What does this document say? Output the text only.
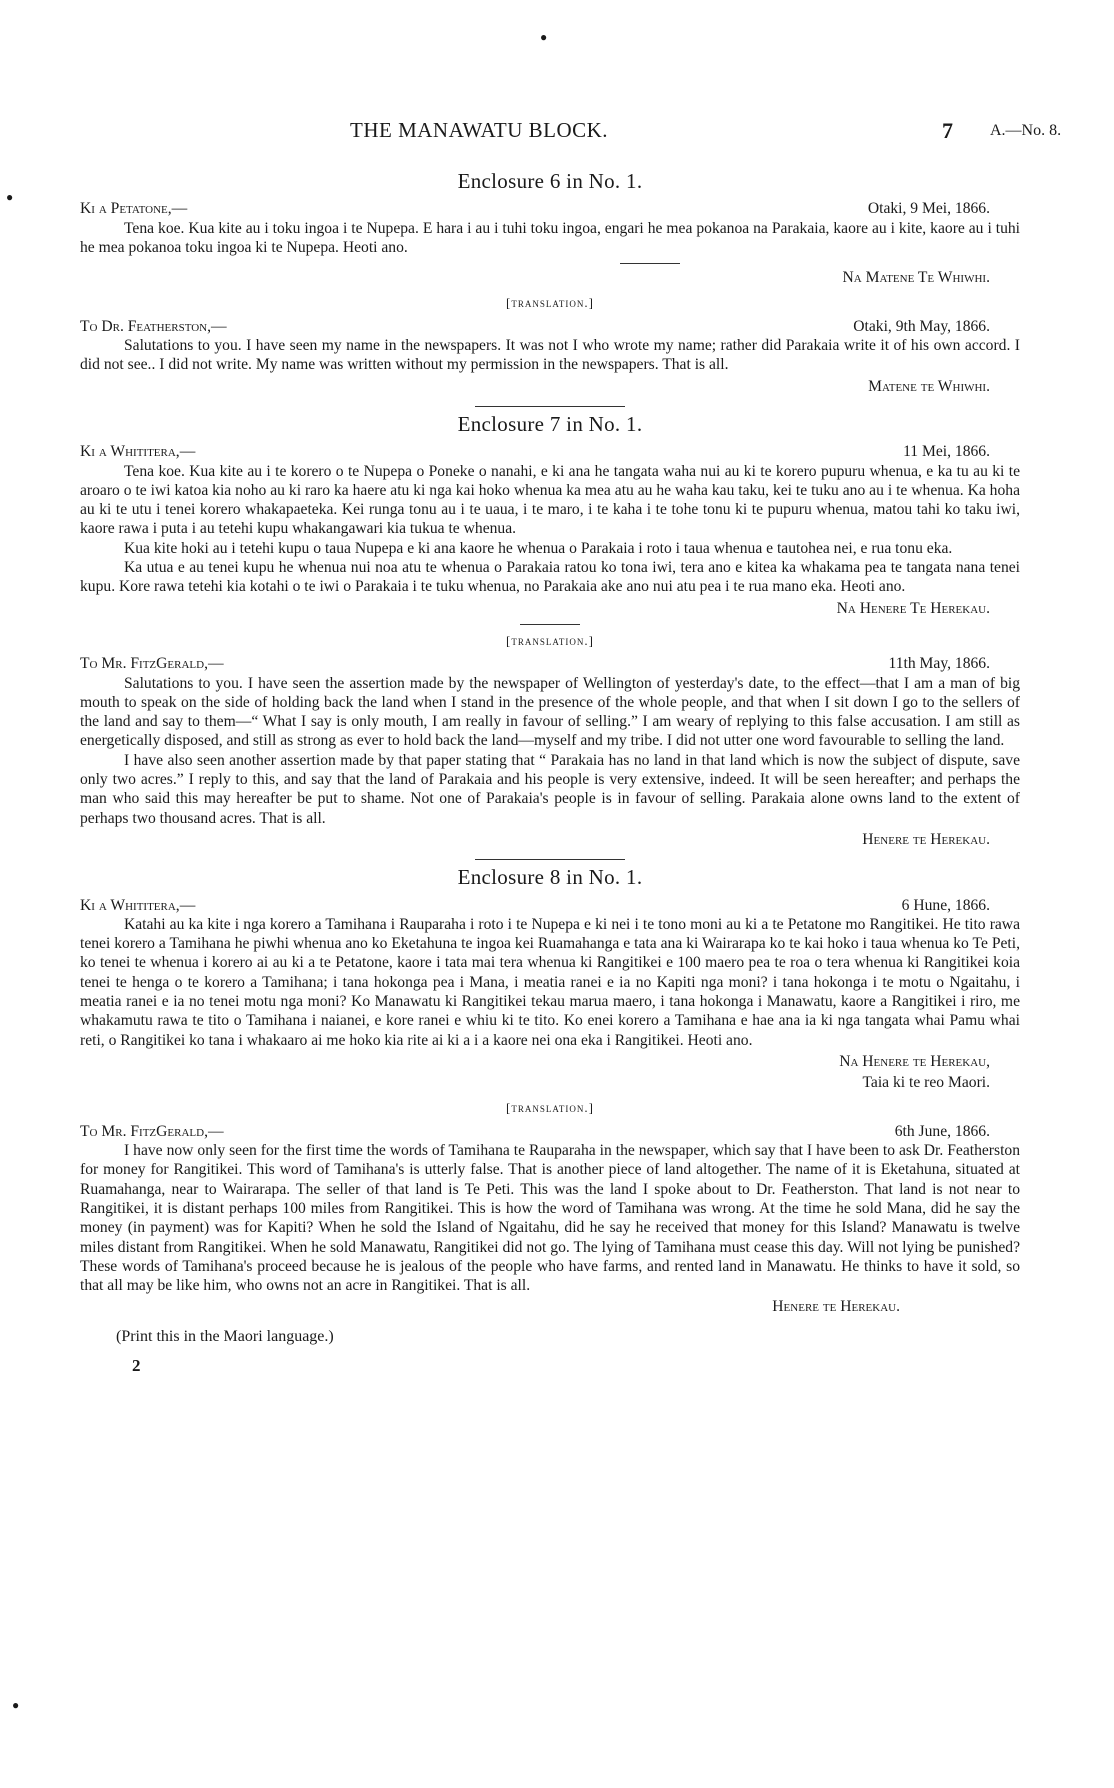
●
●
●
THE MANAWATU BLOCK.	7 A.—No. 8.
Enclosure 6 in No. 1.
Ki a Petatone,—	Otaki, 9 Mei, 1866.

Tena koe. Kua kite au i toku ingoa i te Nupepa. E hara i au i tuhi toku ingoa, engari he mea pokanoa na Parakaia, kaore au i kite, kaore au i tuhi he mea pokanoa toku ingoa ki te Nupepa. Heoti ano.

Na Matene Te Whiwhi.
[translation.]
To Dr. Featherston,—	Otaki, 9th May, 1866.

Salutations to you. I have seen my name in the newspapers. It was not I who wrote my name; rather did Parakaia write it of his own accord. I did not see.. I did not write. My name was written without my permission in the newspapers. That is all.

Matene te Whiwhi.
Enclosure 7 in No. 1.
Ki a Whititera,—	11 Mei, 1866.

Tena koe. Kua kite au i te korero o te Nupepa o Poneke o nanahi, e ki ana he tangata waha nui au ki te korero pupuru whenua, e ka tu au ki te aroaro o te iwi katoa kia noho au ki raro ka haere atu ki nga kai hoko whenua ka mea atu au he waha kau taku, kei te tuku ano au i te whenua. Ka hoha au ki te utu i tenei korero whakapaeteka. Kei runga tonu au i te uaua, i te maro, i te kaha i te tohe tonu ki te pupuru whenua, matou tahi ko taku iwi, kaore rawa i puta i au tetehi kupu whakangawari kia tukua te whenua.

Kua kite hoki au i tetehi kupu o taua Nupepa e ki ana kaore he whenua o Parakaia i roto i taua whenua e tautohea nei, e rua tonu eka.

Ka utua e au tenei kupu he whenua nui noa atu te whenua o Parakaia ratou ko tona iwi, tera ano e kitea ka whakama pea te tangata nana tenei kupu. Kore rawa tetehi kia kotahi o te iwi o Parakaia i te tuku whenua, no Parakaia ake ano nui atu pea i te rua mano eka. Heoti ano.

Na Henere Te Herekau.
[translation.]
To Mr. FitzGerald,—	11th May, 1866.

Salutations to you. I have seen the assertion made by the newspaper of Wellington of yesterday's date, to the effect—that I am a man of big mouth to speak on the side of holding back the land when I stand in the presence of the whole people, and that when I sit down I go to the sellers of the land and say to them—“ What I say is only mouth, I am really in favour of selling.” I am weary of replying to this false accusation. I am still as energetically disposed, and still as strong as ever to hold back the land—myself and my tribe. I did not utter one word favourable to selling the land.

I have also seen another assertion made by that paper stating that “ Parakaia has no land in that land which is now the subject of dispute, save only two acres.” I reply to this, and say that the land of Parakaia and his people is very extensive, indeed. It will be seen hereafter; and perhaps the man who said this may hereafter be put to shame. Not one of Parakaia's people is in favour of selling. Parakaia alone owns land to the extent of perhaps two thousand acres. That is all.

Henere te Herekau.
Enclosure 8 in No. 1.
Ki a Whititera,—	6 Hune, 1866.

Katahi au ka kite i nga korero a Tamihana i Rauparaha i roto i te Nupepa e ki nei i te tono moni au ki a te Petatone mo Rangitikei. He tito rawa tenei korero a Tamihana he piwhi whenua ano ko Eketahuna te ingoa kei Ruamahanga e tata ana ki Wairarapa ko te kai hoko i taua whenua ko Te Peti, ko tenei te whenua i korero ai au ki a te Petatone, kaore i tata mai tera whenua ki Rangitikei e 100 maero pea te roa o tera whenua ki Rangitikei koia tenei te henga o te korero a Tamihana; i tana hokonga pea i Mana, i meatia ranei e ia no Kapiti nga moni? i tana hokonga i te motu o Ngaitahu, i meatia ranei e ia no tenei motu nga moni? Ko Manawatu ki Rangitikei tekau marua maero, i tana hokonga i Manawatu, kaore a Rangitikei i riro, me whakamutu rawa te tito o Tamihana i naianei, e kore ranei e whiu ki te tito. Ko enei korero a Tamihana e hae ana ia ki nga tangata whai Pamu whai reti, o Rangitikei ko tana i whakaaro ai me hoko kia rite ai ki a i a kaore nei ona eka i Rangitikei. Heoti ano.

Na Henere te Herekau,
Taia ki te reo Maori.
[translation.]
To Mr. FitzGerald,—	6th June, 1866.

I have now only seen for the first time the words of Tamihana te Rauparaha in the newspaper, which say that I have been to ask Dr. Featherston for money for Rangitikei. This word of Tamihana's is utterly false. That is another piece of land altogether. The name of it is Eketahuna, situated at Ruamahanga, near to Wairarapa. The seller of that land is Te Peti. This was the land I spoke about to Dr. Featherston. That land is not near to Rangitikei, it is distant perhaps 100 miles from Rangitikei. This is how the word of Tamihana was wrong. At the time he sold Mana, did he say the money (in payment) was for Kapiti? When he sold the Island of Ngaitahu, did he say he received that money for this Island? Manawatu is twelve miles distant from Rangitikei. When he sold Manawatu, Rangitikei did not go. The lying of Tamihana must cease this day. Will not lying be punished? These words of Tamihana's proceed because he is jealous of the people who have farms, and rented land in Manawatu. He thinks to have it sold, so that all may be like him, who owns not an acre in Rangitikei. That is all.

Henere te Herekau.
(Print this in the Maori language.)
2
